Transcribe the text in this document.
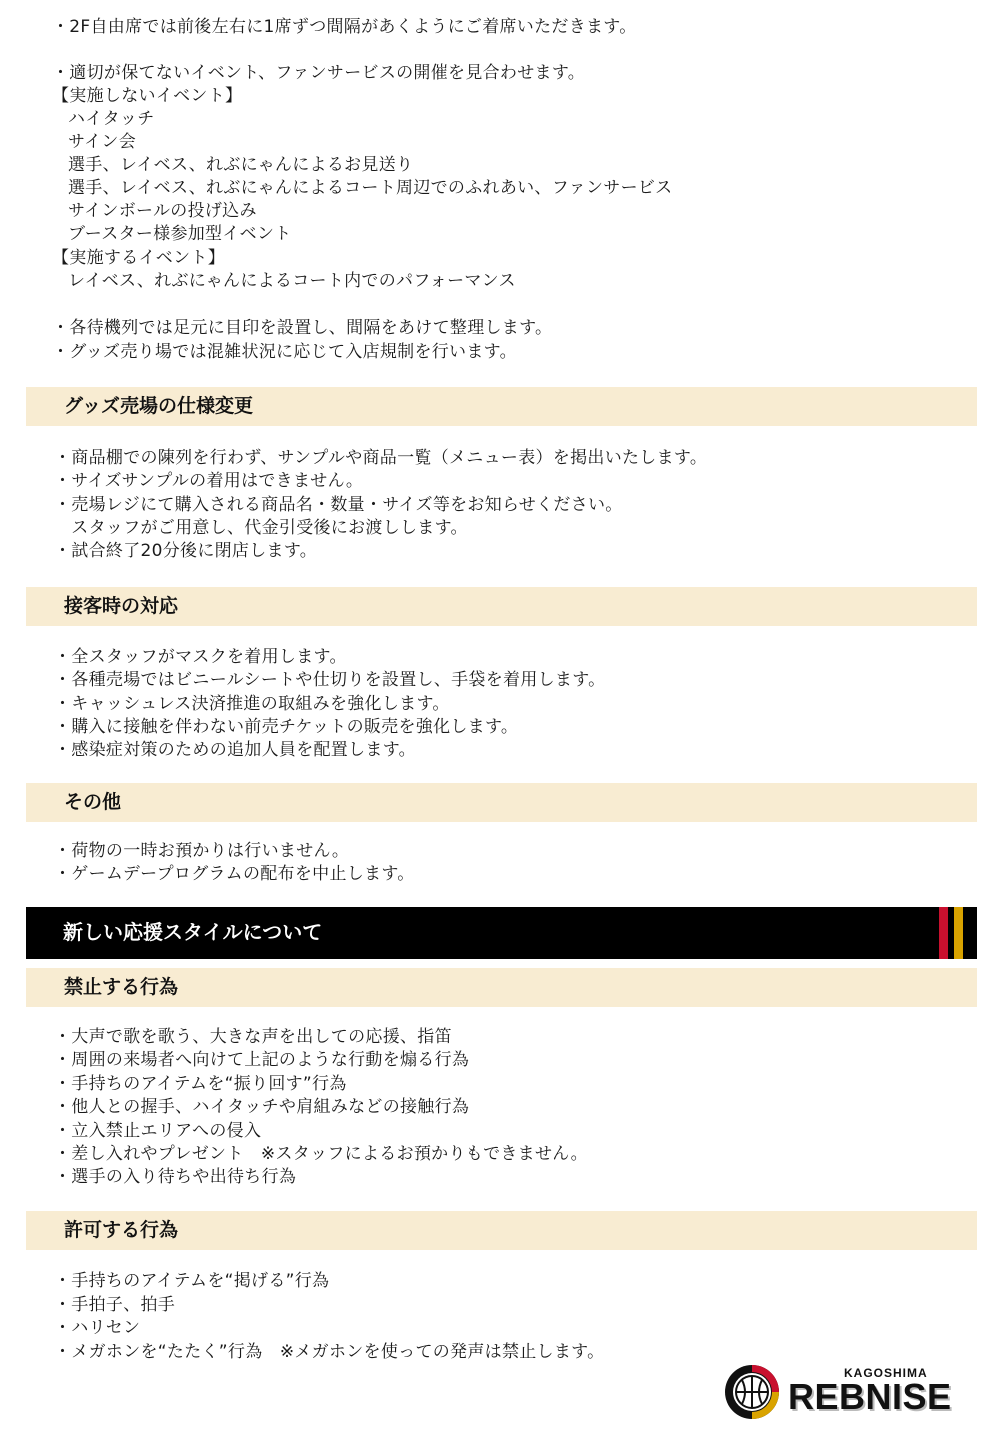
・2F自由席では前後左右に1席ずつ間隔があくようにご着席いただきます。
・適切が保てないイベント、ファンサービスの開催を見合わせます。
【実施しないイベント】
ハイタッチ
サイン会
選手、レイベス、れぶにゃんによるお見送り
選手、レイベス、れぶにゃんによるコート周辺でのふれあい、ファンサービス
サインボールの投げ込み
ブースター様参加型イベント
【実施するイベント】
レイベス、れぶにゃんによるコート内でのパフォーマンス
・各待機列では足元に目印を設置し、間隔をあけて整理します。
・グッズ売り場では混雑状況に応じて入店規制を行います。
グッズ売場の仕様変更
・商品棚での陳列を行わず、サンプルや商品一覧（メニュー表）を掲出いたします。
・サイズサンプルの着用はできません。
・売場レジにて購入される商品名・数量・サイズ等をお知らせください。
　スタッフがご用意し、代金引受後にお渡しします。
・試合終了20分後に閉店します。
接客時の対応
・全スタッフがマスクを着用します。
・各種売場ではビニールシートや仕切りを設置し、手袋を着用します。
・キャッシュレス決済推進の取組みを強化します。
・購入に接触を伴わない前売チケットの販売を強化します。
・感染症対策のための追加人員を配置します。
その他
・荷物の一時お預かりは行いません。
・ゲームデープログラムの配布を中止します。
新しい応援スタイルについて
禁止する行為
・大声で歌を歌う、大きな声を出しての応援、指笛
・周囲の来場者へ向けて上記のような行動を煽る行為
・手持ちのアイテムを“振り回す”行為
・他人との握手、ハイタッチや肩組みなどの接触行為
・立入禁止エリアへの侵入
・差し入れやプレゼント　※スタッフによるお預かりもできません。
・選手の入り待ちや出待ち行為
許可する行為
・手持ちのアイテムを“掲げる”行為
・手拍子、拍手
・ハリセン
・メガホンを“たたく”行為　※メガホンを使っての発声は禁止します。
KAGOSHIMA
REBNISE
